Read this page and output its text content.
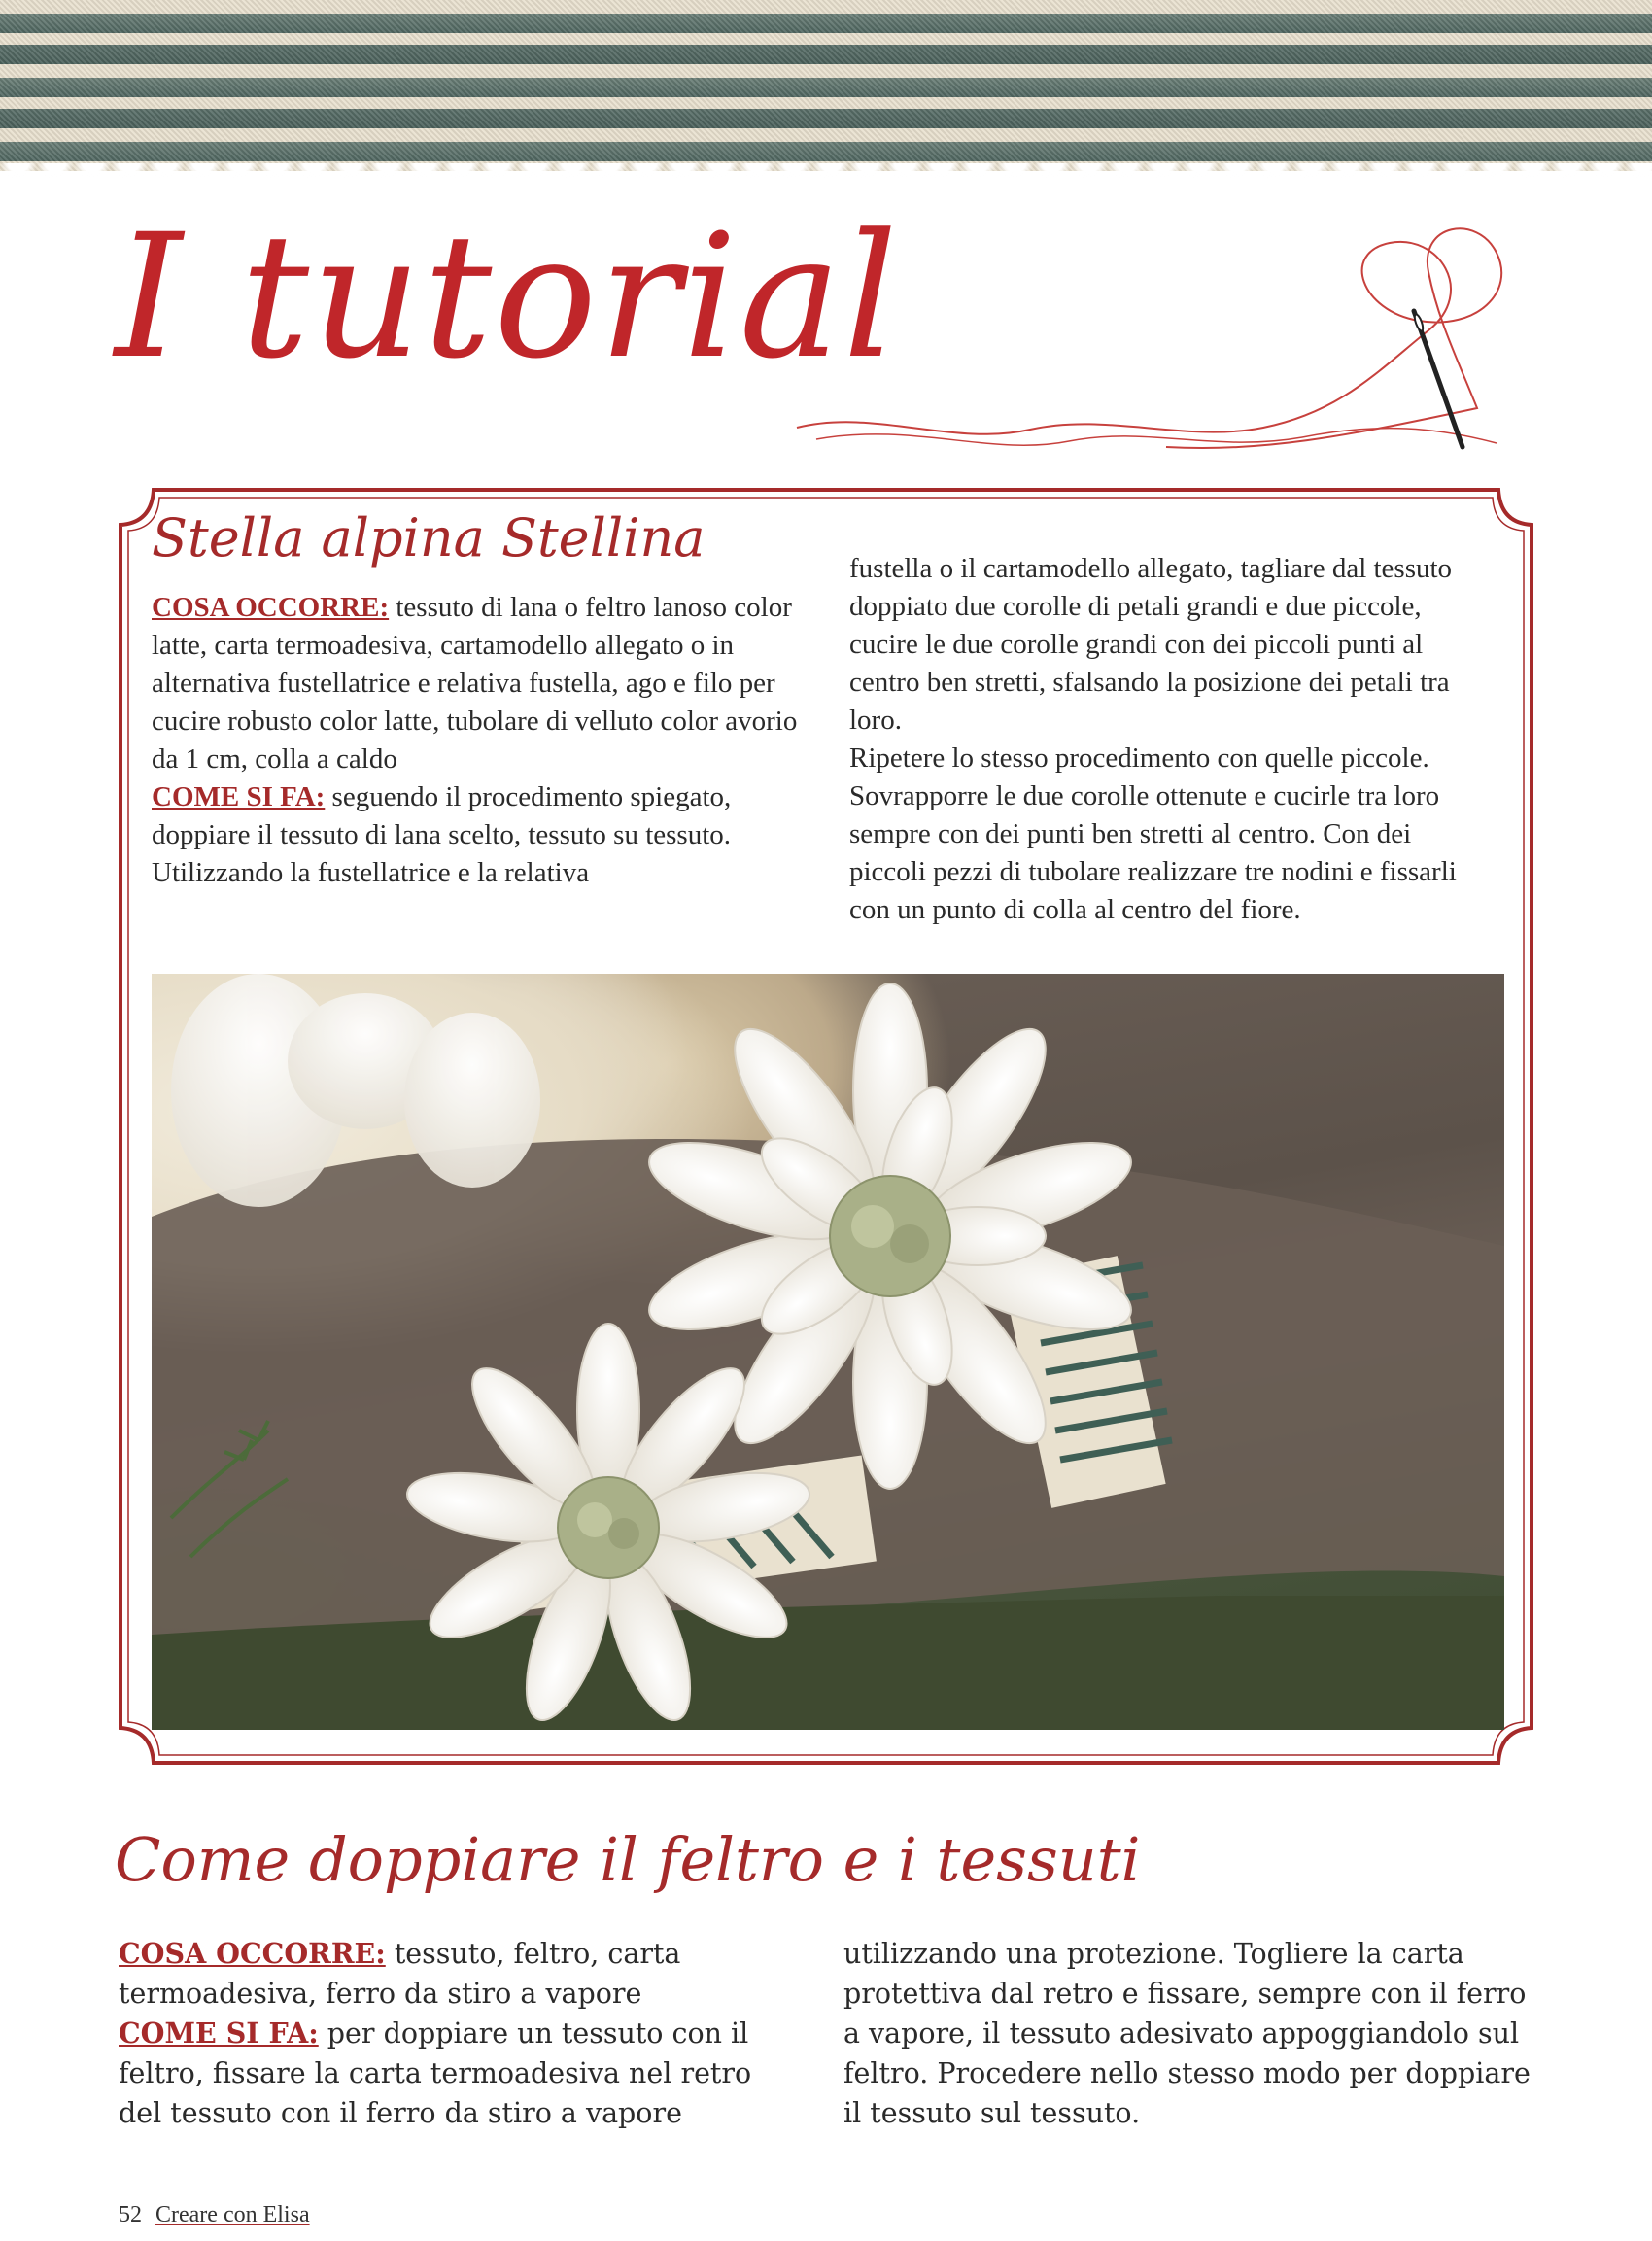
I tutorial
Stella alpina Stellina

COSA OCCORRE: tessuto di lana o feltro lanoso color latte, carta termoadesiva, cartamodello allegato o in alternativa fustellatrice e relativa fustella, ago e filo per cucire robusto color latte, tubolare di velluto color avorio da 1 cm, colla a caldo
COME SI FA: seguendo il procedimento spiegato, doppiare il tessuto di lana scelto, tessuto su tessuto. Utilizzando la fustellatrice e la relativa

fustella o il cartamodello allegato, tagliare dal tessuto doppiato due corolle di petali grandi e due piccole, cucire le due corolle grandi con dei piccoli punti al centro ben stretti, sfalsando la posizione dei petali tra loro.
Ripetere lo stesso procedimento con quelle piccole. Sovrapporre le due corolle ottenute e cucirle tra loro sempre con dei punti ben stretti al centro. Con dei piccoli pezzi di tubolare realizzare tre nodini e fissarli con un punto di colla al centro del fiore.

Come doppiare il feltro e i tessuti

COSA OCCORRE: tessuto, feltro, carta termoadesiva, ferro da stiro a vapore
COME SI FA: per doppiare un tessuto con il feltro, fissare la carta termoadesiva nel retro del tessuto con il ferro da stiro a vapore

utilizzando una protezione. Togliere la carta protettiva dal retro e fissare, sempre con il ferro a vapore, il tessuto adesivato appoggiandolo sul feltro. Procedere nello stesso modo per doppiare il tessuto sul tessuto.

52 Creare con Elisa
